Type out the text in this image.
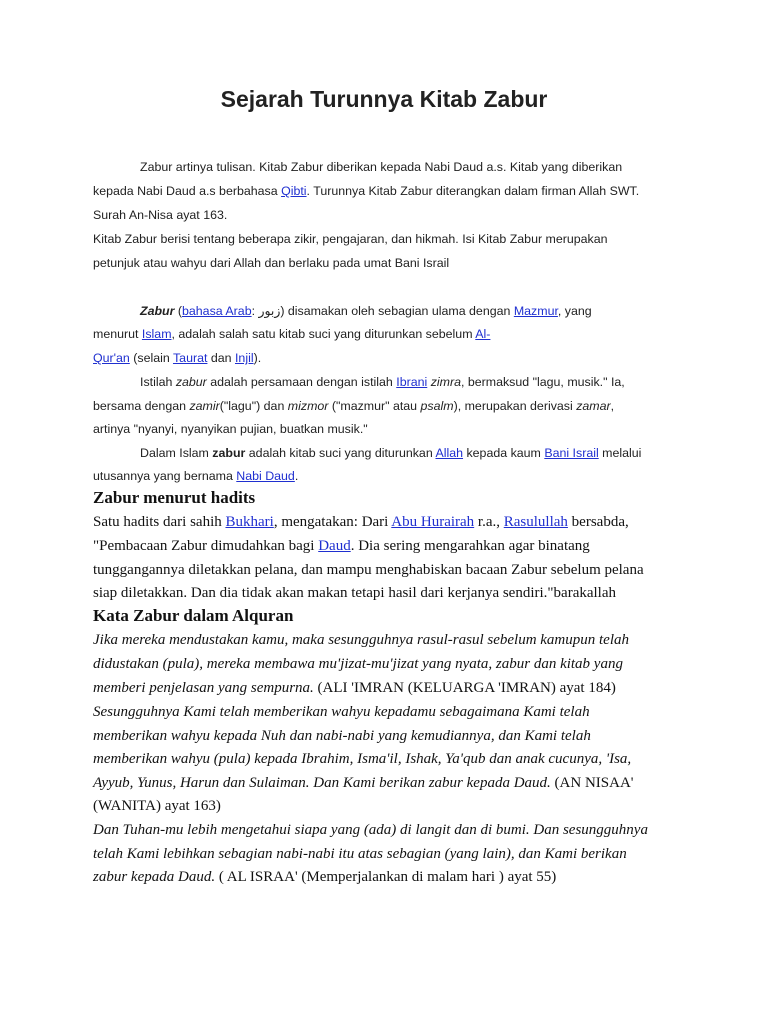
Sejarah Turunnya Kitab Zabur
Zabur artinya tulisan. Kitab Zabur diberikan kepada Nabi Daud a.s. Kitab yang diberikan
kepada Nabi Daud a.s berbahasa Qibti. Turunnya Kitab Zabur diterangkan dalam firman Allah SWT.
Surah An-Nisa ayat 163.
Kitab Zabur berisi tentang beberapa zikir, pengajaran, dan hikmah. Isi Kitab Zabur merupakan
petunjuk atau wahyu dari Allah dan berlaku pada umat Bani Israil
Zabur (bahasa Arab: زبور) disamakan oleh sebagian ulama dengan Mazmur, yang
menurut Islam, adalah salah satu kitab suci yang diturunkan sebelum Al-
Qur'an (selain Taurat dan Injil).
Istilah zabur adalah persamaan dengan istilah Ibrani zimra, bermaksud "lagu, musik." Ia,
bersama dengan zamir("lagu") dan mizmor ("mazmur" atau psalm), merupakan derivasi zamar,
artinya "nyanyi, nyanyikan pujian, buatkan musik."
Dalam Islam zabur adalah kitab suci yang diturunkan Allah kepada kaum Bani Israil melalui
utusannya yang bernama Nabi Daud.
Zabur menurut hadits
Satu hadits dari sahih Bukhari, mengatakan: Dari Abu Hurairah r.a., Rasulullah bersabda,
"Pembacaan Zabur dimudahkan bagi Daud. Dia sering mengarahkan agar binatang
tunggangannya diletakkan pelana, dan mampu menghabiskan bacaan Zabur sebelum pelana
siap diletakkan. Dan dia tidak akan makan tetapi hasil dari kerjanya sendiri."barakallah
Kata Zabur dalam Alquran
Jika mereka mendustakan kamu, maka sesungguhnya rasul-rasul sebelum kamupun telah
didustakan (pula), mereka membawa mu'jizat-mu'jizat yang nyata, zabur dan kitab yang
memberi penjelasan yang sempurna. (ALI 'IMRAN (KELUARGA 'IMRAN) ayat 184)
Sesungguhnya Kami telah memberikan wahyu kepadamu sebagaimana Kami telah
memberikan wahyu kepada Nuh dan nabi-nabi yang kemudiannya, dan Kami telah
memberikan wahyu (pula) kepada Ibrahim, Isma'il, Ishak, Ya'qub dan anak cucunya, 'Isa,
Ayyub, Yunus, Harun dan Sulaiman. Dan Kami berikan zabur kepada Daud. (AN NISAA'
(WANITA) ayat 163)
Dan Tuhan-mu lebih mengetahui siapa yang (ada) di langit dan di bumi. Dan sesungguhnya
telah Kami lebihkan sebagian nabi-nabi itu atas sebagian (yang lain), dan Kami berikan
zabur kepada Daud. ( AL ISRAA' (Memperjalankan di malam hari ) ayat 55)
